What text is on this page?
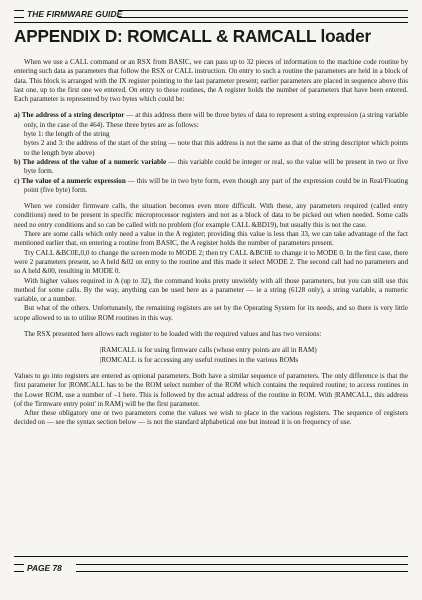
THE FIRMWARE GUIDE
APPENDIX D: ROMCALL & RAMCALL loader

When we use a CALL command or an RSX from BASIC, we can pass up to 32 pieces of information to the machine code routine by entering such data as parameters that follow the RSX or CALL instruction. On entry to such a routine the parameters are held in a block of data. This block is arranged with the IX register pointing to the last parameter present; earlier parameters are placed in sequence above this last one, up to the first one we entered. On entry to these routines, the A register holds the number of parameters that have been entered. Each parameter is represented by two bytes which could be:

a) The address of a string descriptor — at this address there will be three bytes of data to represent a string expression (a string variable only, in the case of the 464). These three bytes are as follows:

byte 1: the length of the string

bytes 2 and 3: the address of the start of the string — note that this address is not the same as that of the string descriptor which points to the length byte above)

b) The address of the value of a numeric variable — this variable could be integer or real, so the value will be present in two or five byte form.

c) The value of a numeric expression — this will be in two byte form, even though any part of the expression could be in Real/Floating point (five byte) form.

When we consider firmware calls, the situation becomes even more difficult. With these, any parameters required (called entry conditions) need to be present in specific microprocessor registers and not as a block of data to be picked out when needed. Some calls need no entry conditions and so can be called with no problem (for example CALL &BD19), but usually this is not the case.

There are some calls which only need a value in the A register; providing this value is less than 33, we can take advantage of the fact mentioned earlier that, on entering a routine from BASIC, the A register holds the number of parameters present.

Try CALL &BC0E,0,0 to change the screen mode to MODE 2; then try CALL &BC0E to change it to MODE 0. In the first case, there were 2 parameters present, so A held &02 on entry to the routine and this made it select MODE 2. The second call had no parameters and so A held &00, resulting in MODE 0.

With higher values required in A (up to 32), the command looks pretty unwieldy with all those parameters, but you can still use this method for some calls. By the way, anything can be used here as a parameter — ie a string (6128 only), a string variable, a numeric variable, or a number.

But what of the others. Unfortunately, the remaining registers are set by the Operating System for its needs, and so there is very little scope allowed to us to utilise ROM routines in this way.

The RSX presented here allows each register to be loaded with the required values and has two versions:

|RAMCALL is for using firmware calls (whose entry points are all in RAM)

|ROMCALL is for accessing any useful routines in the various ROMs

Values to go into registers are entered as optional parameters. Both have a similar sequence of parameters. The only difference is that the first parameter for |ROMCALL has to be the ROM select number of the ROM which contains the required routine; to access routines in the Lower ROM, use a number of –1 here. This is followed by the actual address of the routine in ROM. With |RAMCALL, this address (of the 'firmware entry point' in RAM) will be the first parameter.

After these obligatory one or two parameters come the values we wish to place in the various registers. The sequence of registers decided on — see the syntax section below — is not the standard alphabetical one but instead it is on frequency of use.

PAGE 78
